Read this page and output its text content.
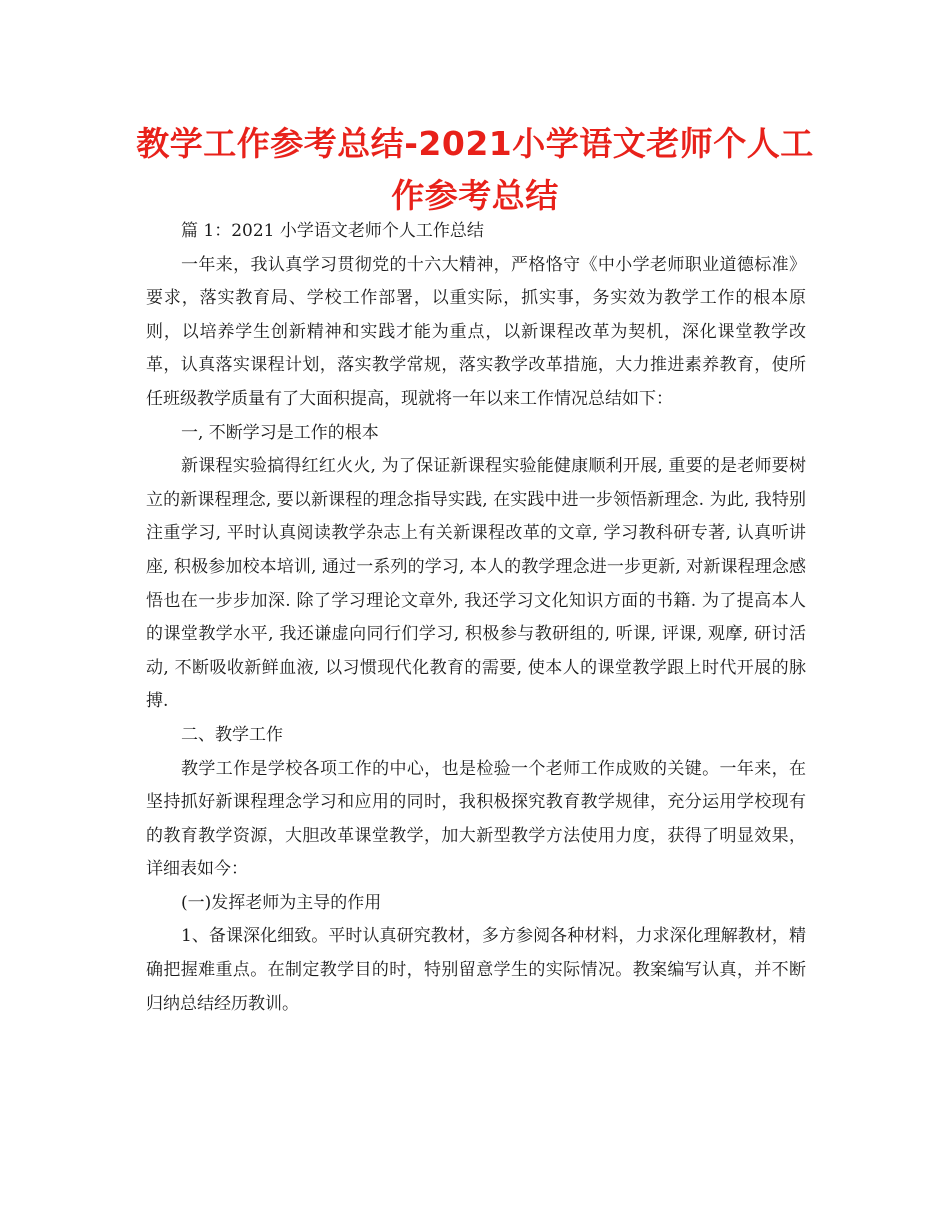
教学工作参考总结-2021小学语文老师个人工作参考总结

篇 1：2021 小学语文老师个人工作总结

一年来，我认真学习贯彻党的十六大精神，严格恪守《中小学老师职业道德标准》要求，落实教育局、学校工作部署，以重实际，抓实事，务实效为教学工作的根本原则，以培养学生创新精神和实践才能为重点，以新课程改革为契机，深化课堂教学改革，认真落实课程计划，落实教学常规，落实教学改革措施，大力推进素养教育，使所任班级教学质量有了大面积提高，现就将一年以来工作情况总结如下：

一, 不断学习是工作的根本

新课程实验搞得红红火火, 为了保证新课程实验能健康顺利开展, 重要的是老师要树立的新课程理念, 要以新课程的理念指导实践, 在实践中进一步领悟新理念. 为此, 我特别注重学习, 平时认真阅读教学杂志上有关新课程改革的文章, 学习教科研专著, 认真听讲座, 积极参加校本培训, 通过一系列的学习, 本人的教学理念进一步更新, 对新课程理念感悟也在一步步加深. 除了学习理论文章外, 我还学习文化知识方面的书籍. 为了提高本人的课堂教学水平, 我还谦虚向同行们学习, 积极参与教研组的, 听课, 评课, 观摩, 研讨活动, 不断吸收新鲜血液, 以习惯现代化教育的需要, 使本人的课堂教学跟上时代开展的脉搏.

二、教学工作

教学工作是学校各项工作的中心，也是检验一个老师工作成败的关键。一年来，在坚持抓好新课程理念学习和应用的同时，我积极探究教育教学规律，充分运用学校现有的教育教学资源，大胆改革课堂教学，加大新型教学方法使用力度，获得了明显效果，详细表如今：

(一)发挥老师为主导的作用

1、备课深化细致。平时认真研究教材，多方参阅各种材料，力求深化理解教材，精确把握难重点。在制定教学目的时，特别留意学生的实际情况。教案编写认真，并不断归纳总结经历教训。
